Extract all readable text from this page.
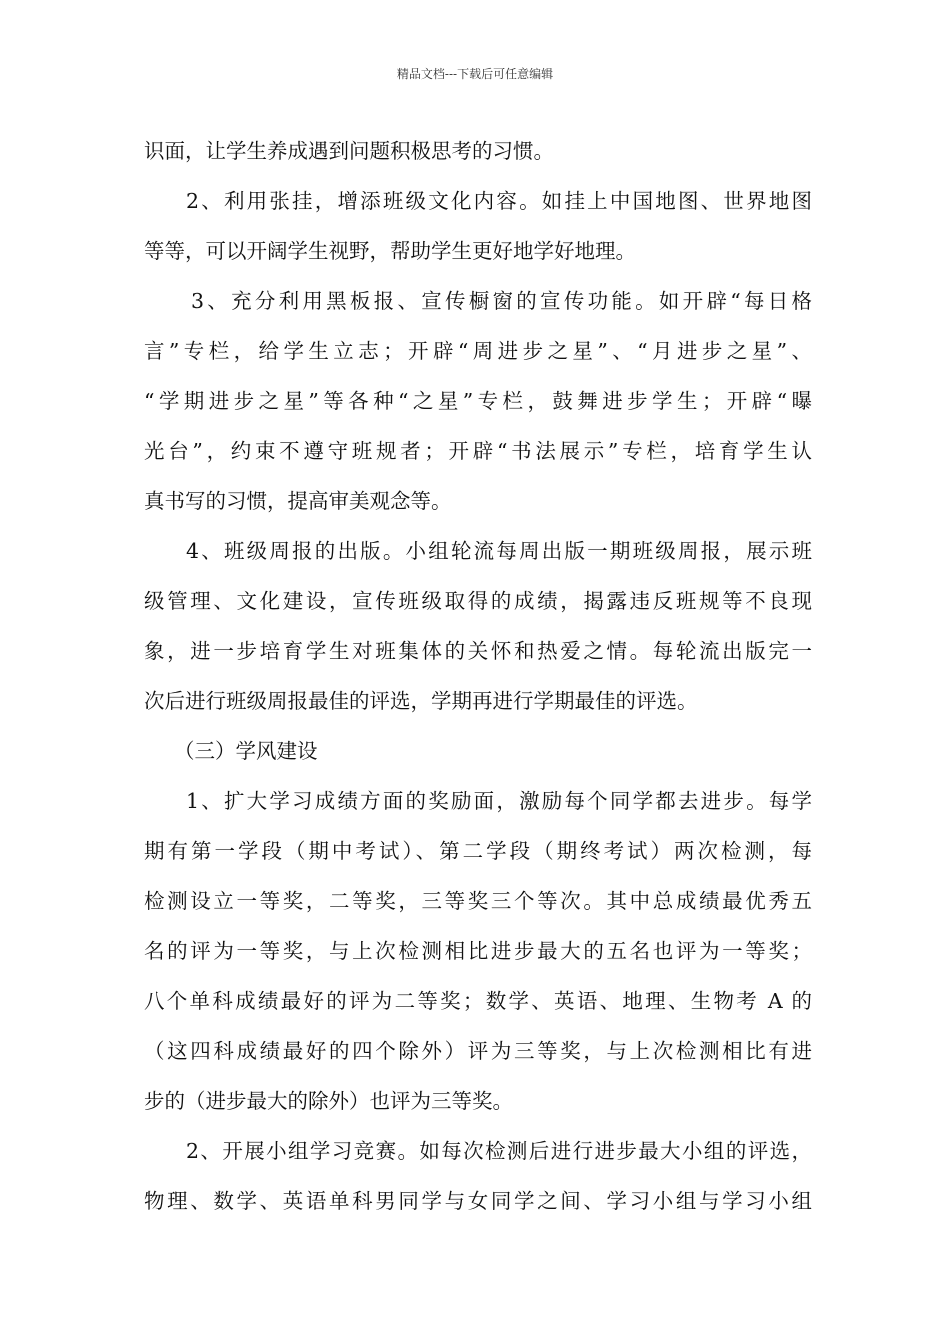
精品文档---下载后可任意编辑
识面，让学生养成遇到问题积极思考的习惯。
2、利用张挂，增添班级文化内容。如挂上中国地图、世界地图
等等，可以开阔学生视野，帮助学生更好地学好地理。
3、充分利用黑板报、宣传橱窗的宣传功能。如开辟“每日格
言”专栏，给学生立志；开辟“周进步之星”、“月进步之星”、
“学期进步之星”等各种“之星”专栏，鼓舞进步学生；开辟“曝
光台”，约束不遵守班规者；开辟“书法展示”专栏，培育学生认
真书写的习惯，提高审美观念等。
4、班级周报的出版。小组轮流每周出版一期班级周报，展示班
级管理、文化建设，宣传班级取得的成绩，揭露违反班规等不良现
象，进一步培育学生对班集体的关怀和热爱之情。每轮流出版完一
次后进行班级周报最佳的评选，学期再进行学期最佳的评选。
（三）学风建设
1、扩大学习成绩方面的奖励面，激励每个同学都去进步。每学
期有第一学段（期中考试）、第二学段（期终考试）两次检测，每
检测设立一等奖，二等奖，三等奖三个等次。其中总成绩最优秀五
名的评为一等奖，与上次检测相比进步最大的五名也评为一等奖；
八个单科成绩最好的评为二等奖；数学、英语、地理、生物考 A 的
（这四科成绩最好的四个除外）评为三等奖，与上次检测相比有进
步的（进步最大的除外）也评为三等奖。
2、开展小组学习竞赛。如每次检测后进行进步最大小组的评选，
物理、数学、英语单科男同学与女同学之间、学习小组与学习小组
